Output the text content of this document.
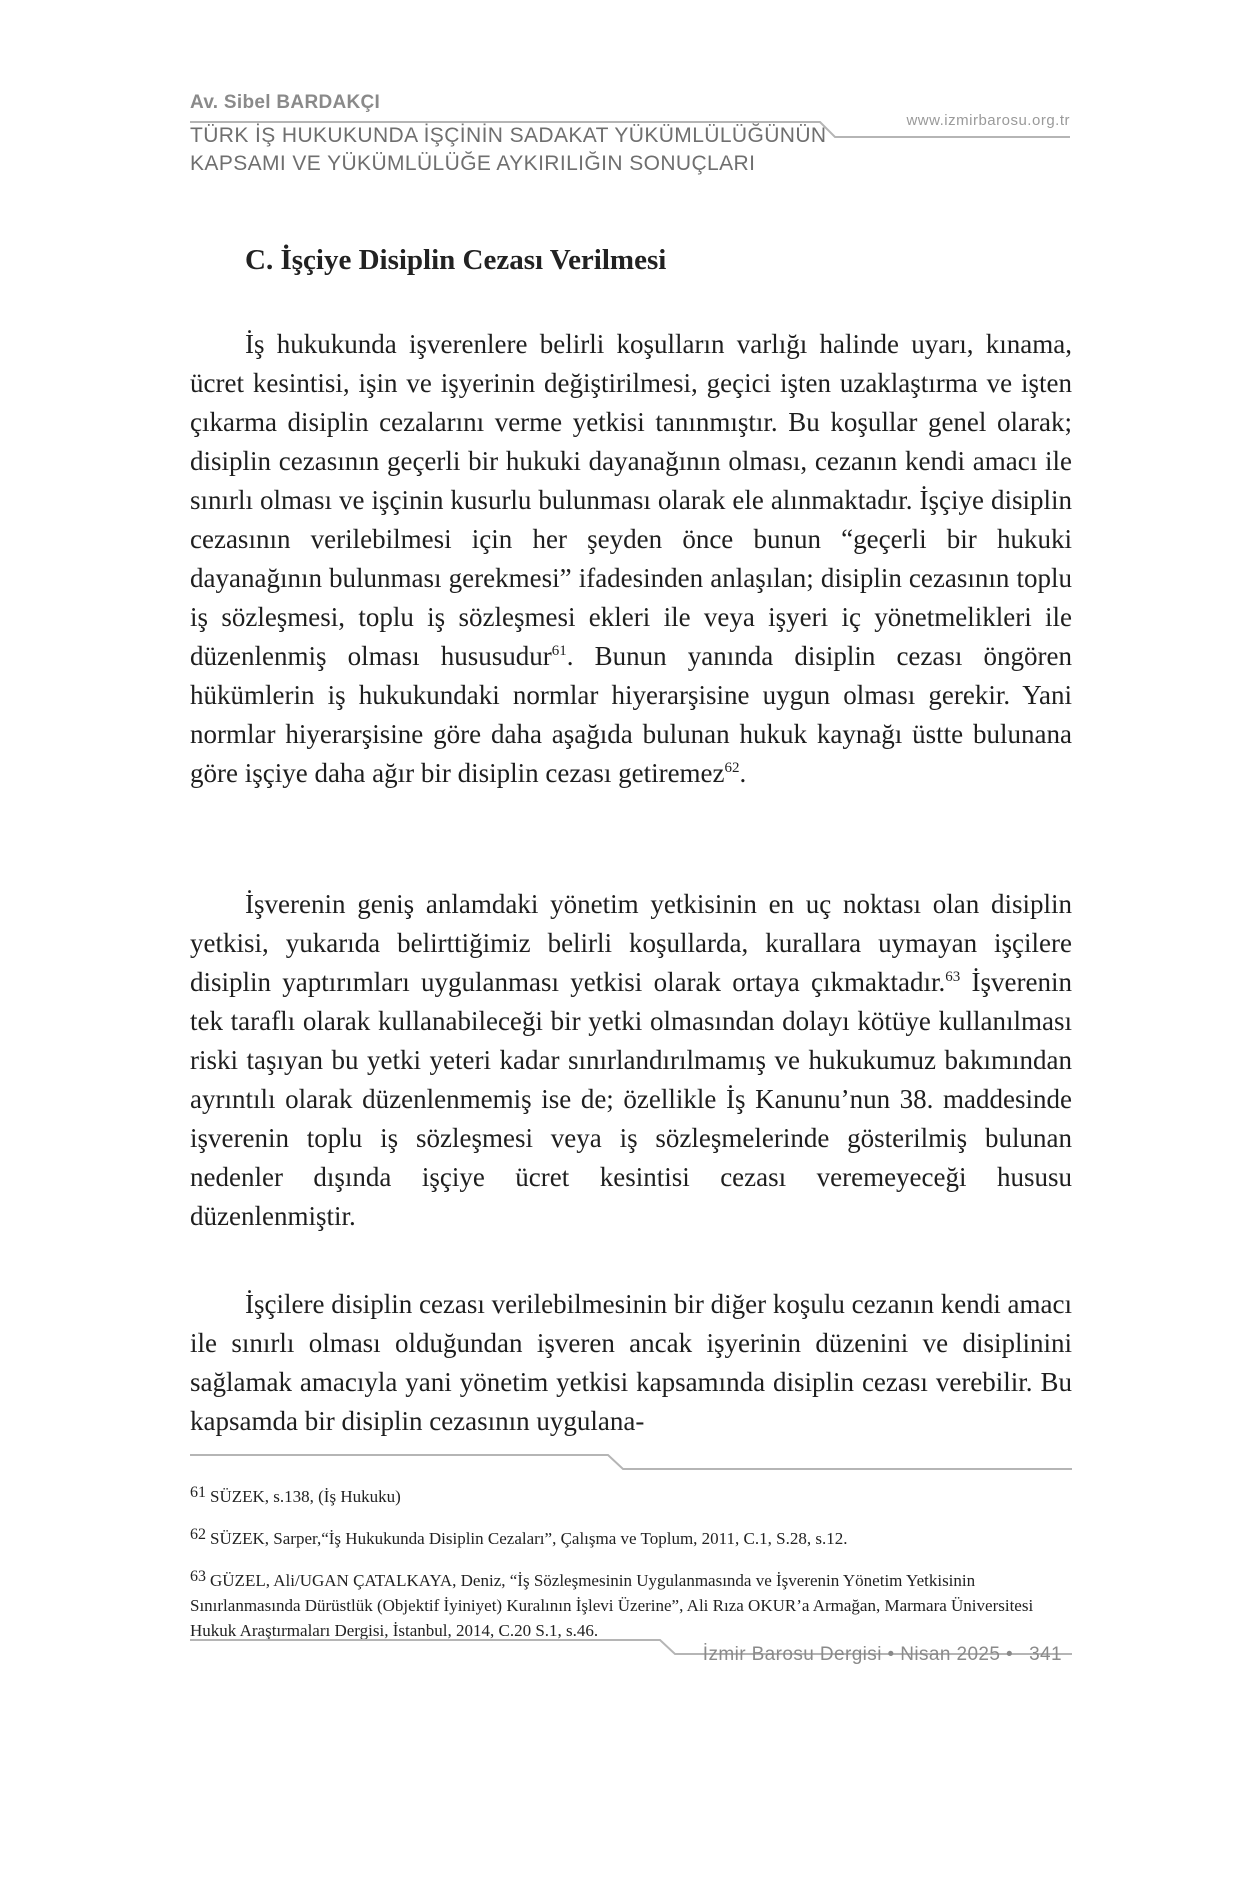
Av. Sibel BARDAKÇI
www.izmirbarosu.org.tr
TÜRK İŞ HUKUKUNDA İŞÇİNİN SADAKAT YÜKÜMLÜLÜĞÜNÜN
KAPSAMI VE YÜKÜMLÜLÜĞE AYKIRILIĞIN SONUÇLARI
C. İşçiye Disiplin Cezası Verilmesi

İş hukukunda işverenlere belirli koşulların varlığı halinde uyarı, kınama, ücret kesintisi, işin ve işyerinin değiştirilmesi, geçici işten uzaklaştırma ve işten çıkarma disiplin cezalarını verme yetkisi tanınmıştır. Bu koşullar genel olarak; disiplin cezasının geçerli bir hukuki dayanağının olması, cezanın kendi amacı ile sınırlı olması ve işçinin kusurlu bulunması olarak ele alınmaktadır. İşçiye disiplin cezasının verilebilmesi için her şeyden önce bunun “geçerli bir hukuki dayanağının bulunması gerekmesi” ifadesinden anlaşılan; disiplin cezasının toplu iş sözleşmesi, toplu iş sözleşmesi ekleri ile veya işyeri iç yönetmelikleri ile düzenlenmiş olması hususudur$^{61}$. Bunun yanında disiplin cezası öngören hükümlerin iş hukukundaki normlar hiyerarşisine uygun olması gerekir. Yani normlar hiyerarşisine göre daha aşağıda bulunan hukuk kaynağı üstte bulunana göre işçiye daha ağır bir disiplin cezası getiremez$^{62}$.

İşverenin geniş anlamdaki yönetim yetkisinin en uç noktası olan disiplin yetkisi, yukarıda belirttiğimiz belirli koşullarda, kurallara uymayan işçilere disiplin yaptırımları uygulanması yetkisi olarak ortaya çıkmaktadır.$^{63}$ İşverenin tek taraflı olarak kullanabileceği bir yetki olmasından dolayı kötüye kullanılması riski taşıyan bu yetki yeteri kadar sınırlandırılmamış ve hukukumuz bakımından ayrıntılı olarak düzenlenmemiş ise de; özellikle İş Kanunu’nun 38. maddesinde işverenin toplu iş sözleşmesi veya iş sözleşmelerinde gösterilmiş bulunan nedenler dışında işçiye ücret kesintisi cezası veremeyeceği hususu düzenlenmiştir.

İşçilere disiplin cezası verilebilmesinin bir diğer koşulu cezanın kendi amacı ile sınırlı olması olduğundan işveren ancak işyerinin düzenini ve disiplinini sağlamak amacıyla yani yönetim yetkisi kapsamında disiplin cezası verebilir. Bu kapsamda bir disiplin cezasının uygulana-

61 SÜZEK, s.138, (İş Hukuku)

62 SÜZEK, Sarper,“İş Hukukunda Disiplin Cezaları”, Çalışma ve Toplum, 2011, C.1, S.28, s.12.

63 GÜZEL, Ali/UGAN ÇATALKAYA, Deniz, “İş Sözleşmesinin Uygulanmasında ve İşverenin Yönetim Yetkisinin Sınırlanmasında Dürüstlük (Objektif İyiniyet) Kuralının İşlevi Üzerine”, Ali Rıza OKUR’a Armağan, Marmara Üniversitesi Hukuk Araştırmaları Dergisi, İstanbul, 2014, C.20 S.1, s.46.

İzmir Barosu Dergisi • Nisan 2025 • 341
